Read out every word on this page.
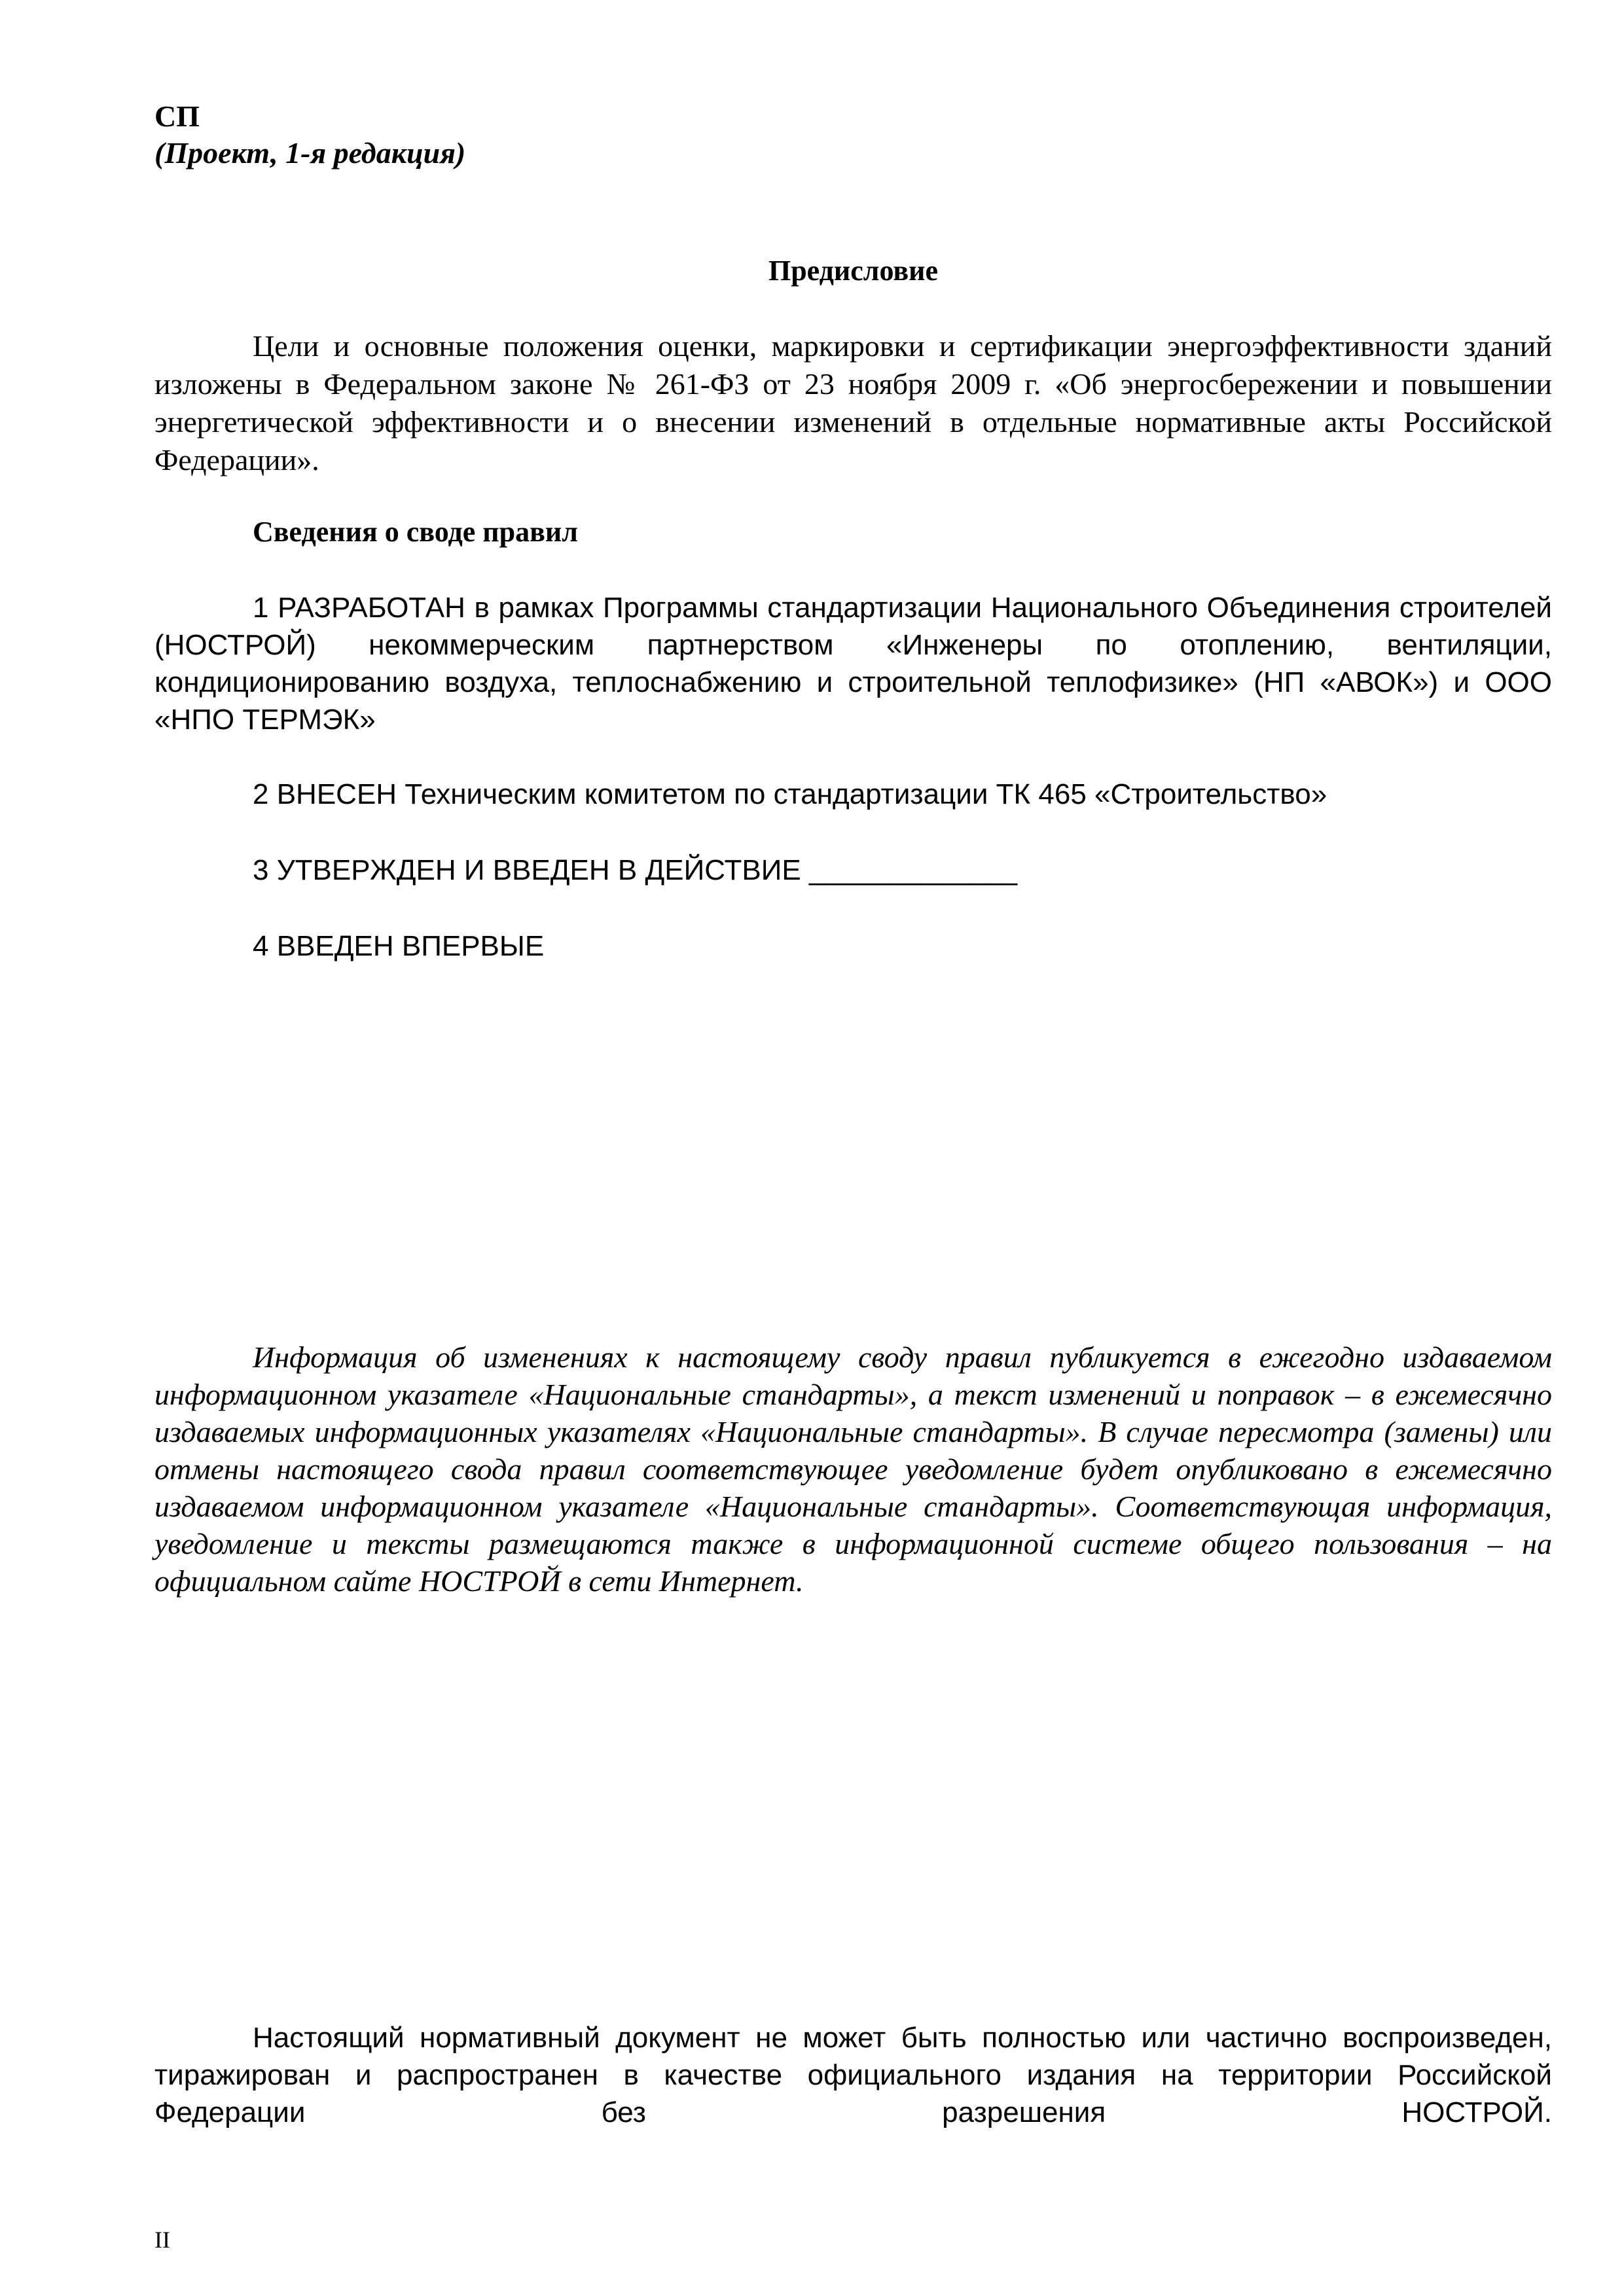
СП
(Проект, 1-я редакция)
Предисловие

Цели и основные положения оценки, маркировки и сертификации энергоэффективности зданий изложены в Федеральном законе № 261-ФЗ от 23 ноября 2009 г. «Об энергосбережении и повышении энергетической эффективности и о внесении изменений в отдельные нормативные акты Российской Федерации».

Сведения о своде правил

1 РАЗРАБОТАН в рамках Программы стандартизации Национального Объединения строителей (НОСТРОЙ) некоммерческим партнерством «Инженеры по отоплению, вентиляции, кондиционированию воздуха, теплоснабжению и строительной теплофизике» (НП «АВОК») и ООО «НПО ТЕРМЭК»

2 ВНЕСЕН Техническим комитетом по стандартизации ТК 465 «Строительство»
3 УТВЕРЖДЕН И ВВЕДЕН В ДЕЙСТВИЕ _____________
4 ВВЕДЕН ВПЕРВЫЕ

Информация об изменениях к настоящему своду правил публикуется в ежегодно издаваемом информационном указателе «Национальные стандарты», а текст изменений и поправок – в ежемесячно издаваемых информационных указателях «Национальные стандарты». В случае пересмотра (замены) или отмены настоящего свода правил соответствующее уведомление будет опубликовано в ежемесячно издаваемом информационном указателе «Национальные стандарты». Соответствующая информация, уведомление и тексты размещаются также в информационной системе общего пользования – на официальном сайте НОСТРОЙ в сети Интернет.

Настоящий нормативный документ не может быть полностью или частично воспроизведен, тиражирован и распространен в качестве официального издания на территории Российской Федерации без разрешения НОСТРОЙ.

II
